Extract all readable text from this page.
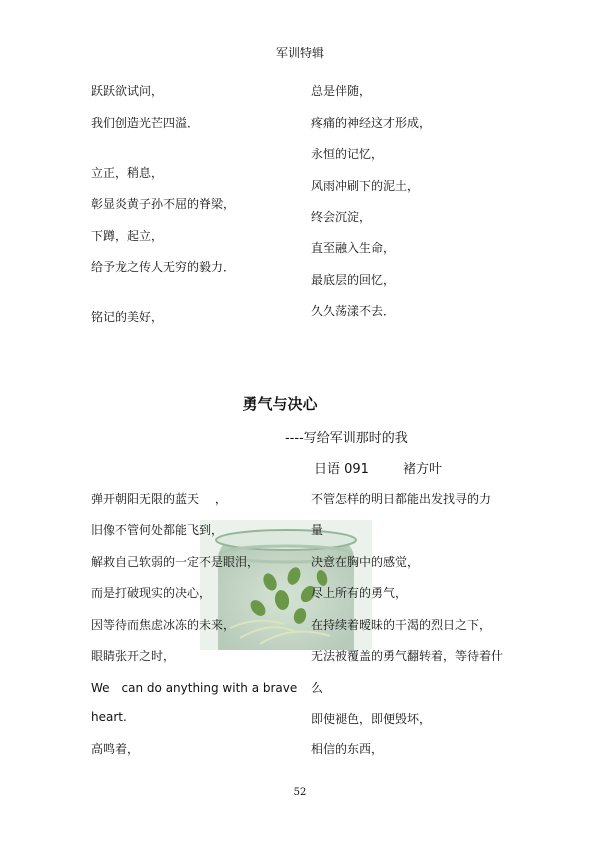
军训特辑
跃跃欲试问，
我们创造光芒四溢．
立正，稍息，
彰显炎黄子孙不屈的脊梁，
下蹲，起立，
给予龙之传人无穷的毅力．
铭记的美好，
总是伴随，
疼痛的神经这才形成，
永恒的记忆，
风雨冲刷下的泥土，
终会沉淀，
直至融入生命，
最底层的回忆，
久久荡漾不去．
勇气与决心
----写给军训那时的我
日语 091	褚方叶
弹开朝阳无限的蓝天　 ，
旧像不管何处都能飞到，
解救自己软弱的一定不是眼泪，
而是打破现实的决心，
因等待而焦虑冰冻的未来，
眼睛张开之时，
We　can do anything with a brave
heart.
高鸣着，
不管怎样的明日都能出发找寻的力
量
决意在胸中的感觉，
尽上所有的勇气，
在持续着暧昧的干渴的烈日之下，
无法被覆盖的勇气翻转着，等待着什
么
即使褪色，即便毁坏，
相信的东西，
52
